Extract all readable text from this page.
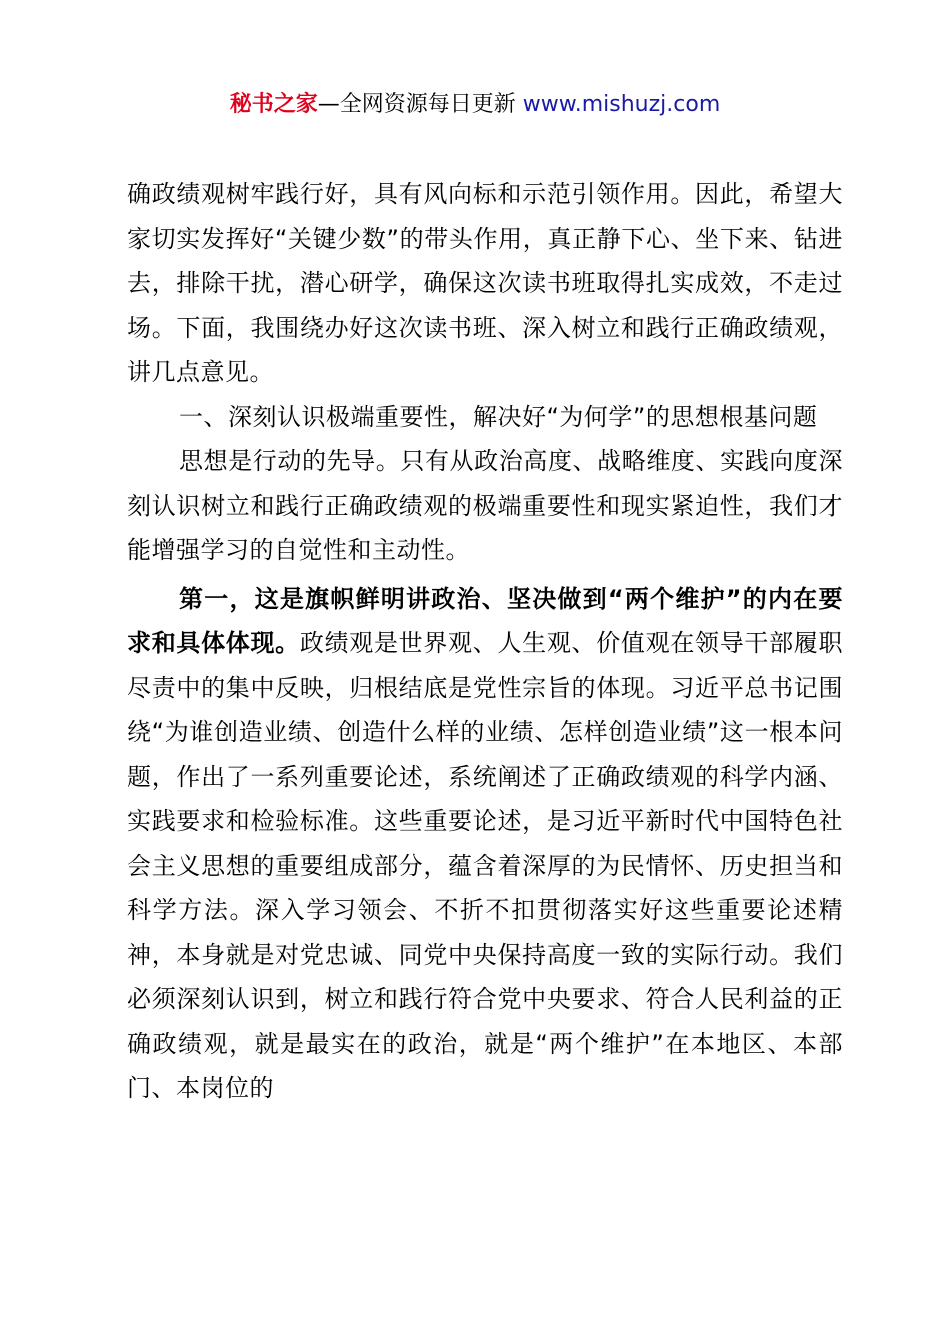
秘书之家—全网资源每日更新 www.mishuzj.com

确政绩观树牢践行好，具有风向标和示范引领作用。因此，希望大家切实发挥好“关键少数”的带头作用，真正静下心、坐下来、钻进去，排除干扰，潜心研学，确保这次读书班取得扎实成效，不走过场。下面，我围绕办好这次读书班、深入树立和践行正确政绩观，讲几点意见。

一、深刻认识极端重要性，解决好“为何学”的思想根基问题

思想是行动的先导。只有从政治高度、战略维度、实践向度深刻认识树立和践行正确政绩观的极端重要性和现实紧迫性，我们才能增强学习的自觉性和主动性。

第一，这是旗帜鲜明讲政治、坚决做到“两个维护”的内在要求和具体体现。政绩观是世界观、人生观、价值观在领导干部履职尽责中的集中反映，归根结底是党性宗旨的体现。习近平总书记围绕“为谁创造业绩、创造什么样的业绩、怎样创造业绩”这一根本问题，作出了一系列重要论述，系统阐述了正确政绩观的科学内涵、实践要求和检验标准。这些重要论述，是习近平新时代中国特色社会主义思想的重要组成部分，蕴含着深厚的为民情怀、历史担当和科学方法。深入学习领会、不折不扣贯彻落实好这些重要论述精神，本身就是对党忠诚、同党中央保持高度一致的实际行动。我们必须深刻认识到，树立和践行符合党中央要求、符合人民利益的正确政绩观，就是最实在的政治，就是“两个维护”在本地区、本部门、本岗位的
